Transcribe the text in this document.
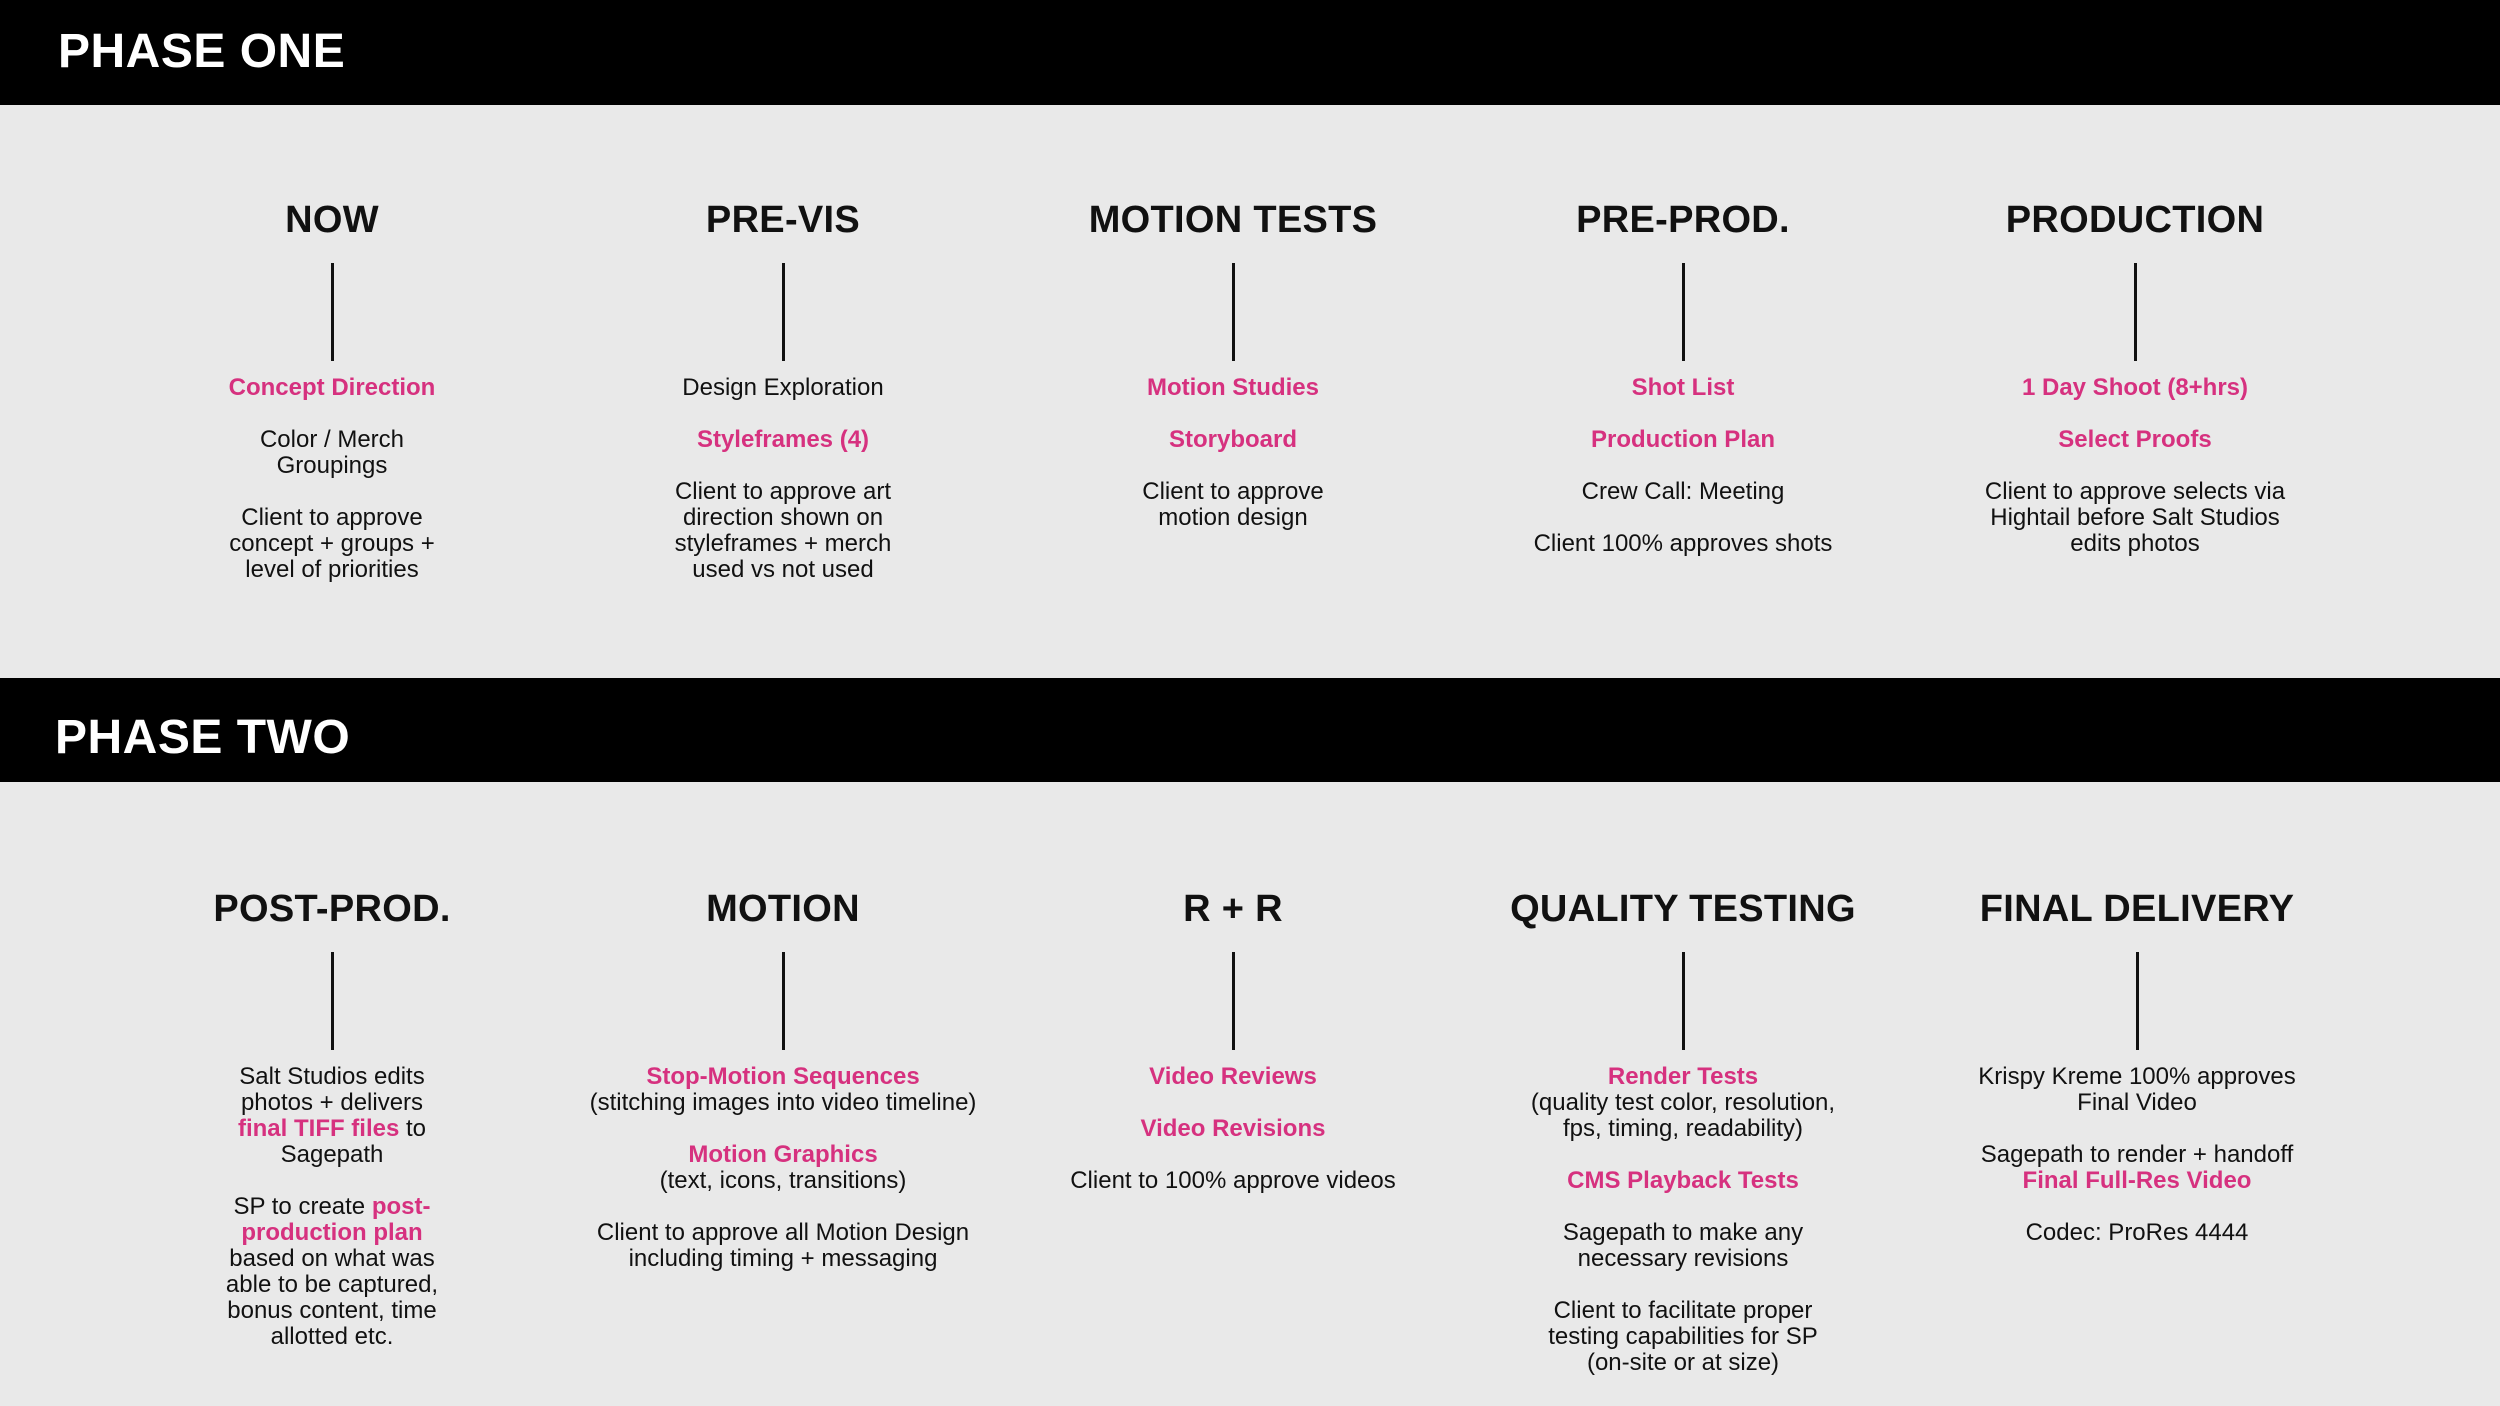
PHASE ONE
NOW
Concept Direction
Color / Merch Groupings
Client to approve concept + groups + level of priorities
PRE-VIS
Design Exploration
Styleframes (4)
Client to approve art direction shown on styleframes + merch used vs not used
MOTION TESTS
Motion Studies
Storyboard
Client to approve motion design
PRE-PROD.
Shot List
Production Plan
Crew Call: Meeting
Client 100% approves shots
PRODUCTION
1 Day Shoot (8+hrs)
Select Proofs
Client to approve selects via Hightail before Salt Studios edits photos
PHASE TWO
POST-PROD.
Salt Studios edits photos + delivers final TIFF files to Sagepath
SP to create post-production plan based on what was able to be captured, bonus content, time allotted etc.
MOTION
Stop-Motion Sequences
(stitching images into video timeline)
Motion Graphics
(text, icons, transitions)
Client to approve all Motion Design including timing + messaging
R + R
Video Reviews
Video Revisions
Client to 100% approve videos
QUALITY TESTING
Render Tests
(quality test color, resolution, fps, timing, readability)
CMS Playback Tests
Sagepath to make any necessary revisions
Client to facilitate proper testing capabilities for SP (on-site or at size)
FINAL DELIVERY
Krispy Kreme 100% approves Final Video
Sagepath to render + handoff
Final Full-Res Video
Codec: ProRes 4444
